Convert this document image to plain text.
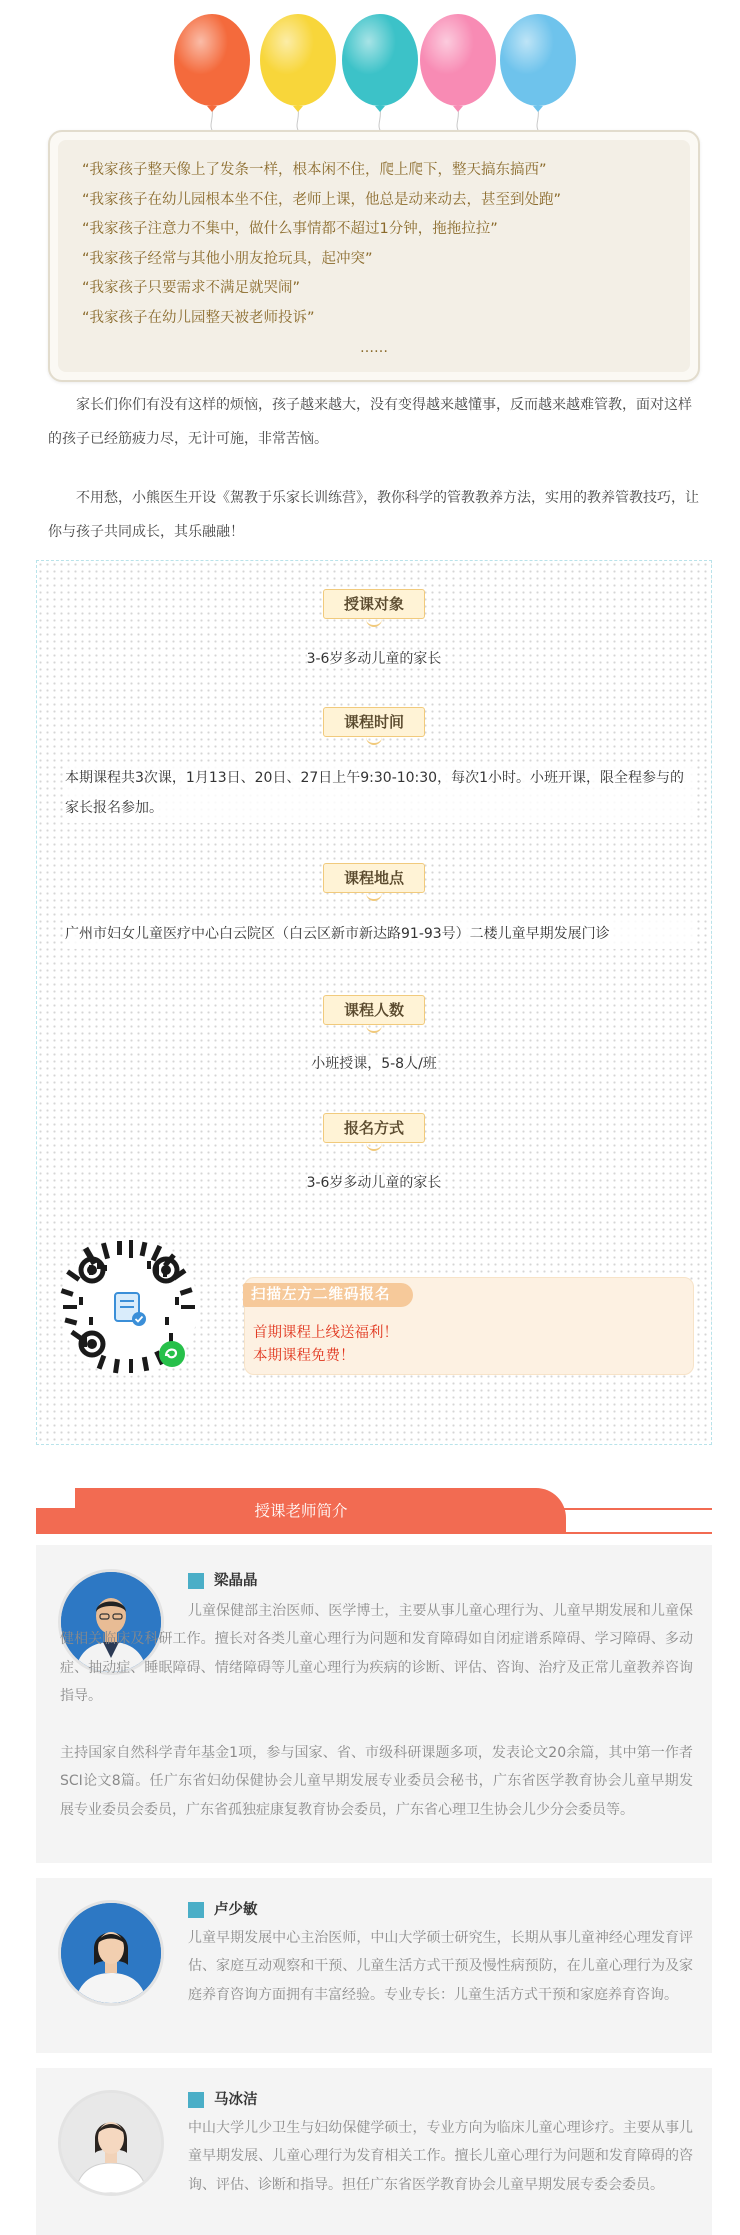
“我家孩子整天像上了发条一样，根本闲不住，爬上爬下，整天搞东搞西”
“我家孩子在幼儿园根本坐不住，老师上课，他总是动来动去，甚至到处跑”
“我家孩子注意力不集中，做什么事情都不超过1分钟，拖拖拉拉”
“我家孩子经常与其他小朋友抢玩具，起冲突”
“我家孩子只要需求不满足就哭闹”
“我家孩子在幼儿园整天被老师投诉”
……

家长们你们有没有这样的烦恼，孩子越来越大，没有变得越来越懂事，反而越来越难管教，面对这样的孩子已经筋疲力尽，无计可施，非常苦恼。

不用愁，小熊医生开设《駕教于乐家长训练营》，教你科学的管教教养方法，实用的教养管教技巧，让你与孩子共同成长，其乐融融！

授课对象
3-6岁多动儿童的家长
课程时间
本期课程共3次课，1月13日、20日、27日上午9:30-10:30，每次1小时。小班开课，限全程参与的家长报名参加。
课程地点
广州市妇女儿童医疗中心白云院区（白云区新市新达路91-93号）二楼儿童早期发展门诊
课程人数
小班授课，5-8人/班
报名方式
3-6岁多动儿童的家长
扫描左方二维码报名
首期课程上线送福利！
本期课程免费！
授课老师简介
梁晶晶
儿童保健部主治医师、医学博士，主要从事儿童心理行为、儿童早期发展和儿童保健相关临床及科研工作。擅长对各类儿童心理行为问题和发育障碍如自闭症谱系障碍、学习障碍、多动症、抽动症、睡眠障碍、情绪障碍等儿童心理行为疾病的诊断、评估、咨询、治疗及正常儿童教养咨询指导。
主持国家自然科学青年基金1项，参与国家、省、市级科研课题多项，发表论文20余篇，其中第一作者SCI论文8篇。任广东省妇幼保健协会儿童早期发展专业委员会秘书，广东省医学教育协会儿童早期发展专业委员会委员，广东省孤独症康复教育协会委员，广东省心理卫生协会儿少分会委员等。
卢少敏
儿童早期发展中心主治医师，中山大学硕士研究生，长期从事儿童神经心理发育评估、家庭互动观察和干预、儿童生活方式干预及慢性病预防，在儿童心理行为及家庭养育咨询方面拥有丰富经验。专业专长：儿童生活方式干预和家庭养育咨询。
马冰洁
中山大学儿少卫生与妇幼保健学硕士，专业方向为临床儿童心理诊疗。主要从事儿童早期发展、儿童心理行为发育相关工作。擅长儿童心理行为问题和发育障碍的咨询、评估、诊断和指导。担任广东省医学教育协会儿童早期发展专委会委员。
